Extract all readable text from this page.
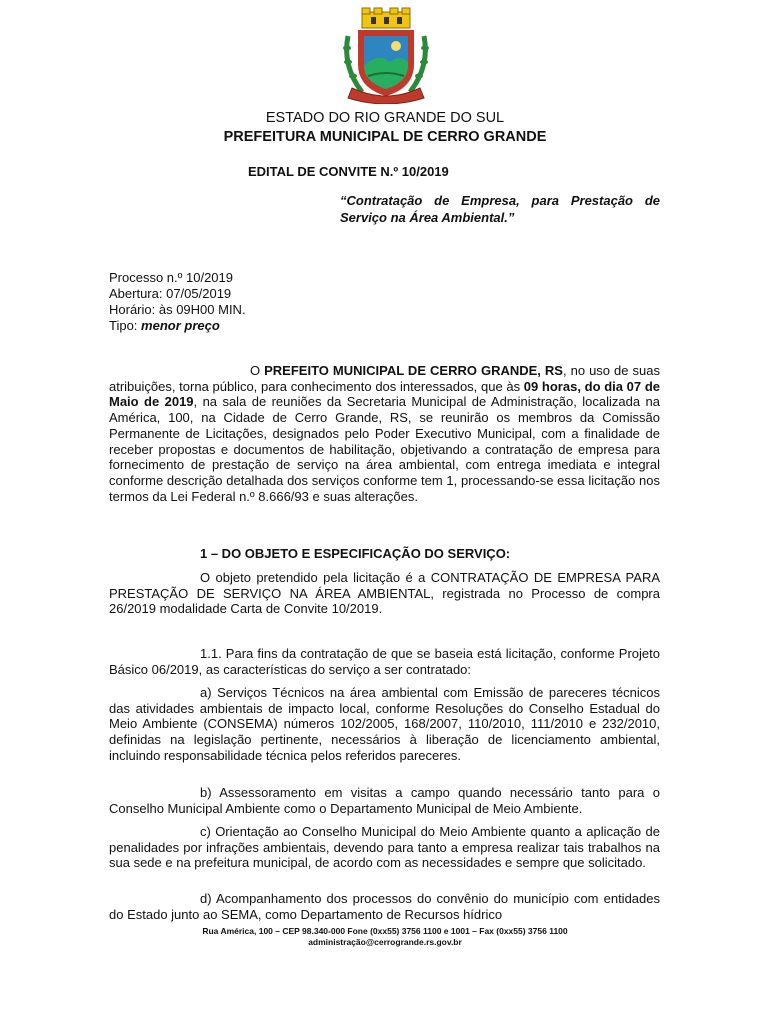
ESTADO DO RIO GRANDE DO SUL
PREFEITURA MUNICIPAL DE CERRO GRANDE
EDITAL DE CONVITE N.º 10/2019
“Contratação de Empresa, para Prestação de Serviço na Área Ambiental.”
Processo n.º 10/2019
Abertura: 07/05/2019
Horário: às 09H00 MIN.
Tipo: menor preço

O PREFEITO MUNICIPAL DE CERRO GRANDE, RS, no uso de suas atribuições, torna público, para conhecimento dos interessados, que às 09 horas, do dia 07 de Maio de 2019, na sala de reuniões da Secretaria Municipal de Administração, localizada na América, 100, na Cidade de Cerro Grande, RS, se reunirão os membros da Comissão Permanente de Licitações, designados pelo Poder Executivo Municipal, com a finalidade de receber propostas e documentos de habilitação, objetivando a contratação de empresa para fornecimento de prestação de serviço na área ambiental, com entrega imediata e integral conforme descrição detalhada dos serviços conforme tem 1, processando-se essa licitação nos termos da Lei Federal n.º 8.666/93 e suas alterações.

1 – DO OBJETO E ESPECIFICAÇÃO DO SERVIÇO:

O objeto pretendido pela licitação é a CONTRATAÇÃO DE EMPRESA PARA PRESTAÇÃO DE SERVIÇO NA ÁREA AMBIENTAL, registrada no Processo de compra 26/2019 modalidade Carta de Convite 10/2019.

1.1. Para fins da contratação de que se baseia está licitação, conforme Projeto Básico 06/2019, as características do serviço a ser contratado:

a) Serviços Técnicos na área ambiental com Emissão de pareceres técnicos das atividades ambientais de impacto local, conforme Resoluções do Conselho Estadual do Meio Ambiente (CONSEMA) números 102/2005, 168/2007, 110/2010, 111/2010 e 232/2010, definidas na legislação pertinente, necessários à liberação de licenciamento ambiental, incluindo responsabilidade técnica pelos referidos pareceres.

b) Assessoramento em visitas a campo quando necessário tanto para o Conselho Municipal Ambiente como o Departamento Municipal de Meio Ambiente.

c) Orientação ao Conselho Municipal do Meio Ambiente quanto a aplicação de penalidades por infrações ambientais, devendo para tanto a empresa realizar tais trabalhos na sua sede e na prefeitura municipal, de acordo com as necessidades e sempre que solicitado.

d) Acompanhamento dos processos do convênio do município com entidades do Estado junto ao SEMA, como Departamento de Recursos hídrico

Rua América, 100 – CEP 98.340-000 Fone (0xx55) 3756 1100 e 1001 – Fax (0xx55) 3756 1100
administração@cerrogrande.rs.gov.br
